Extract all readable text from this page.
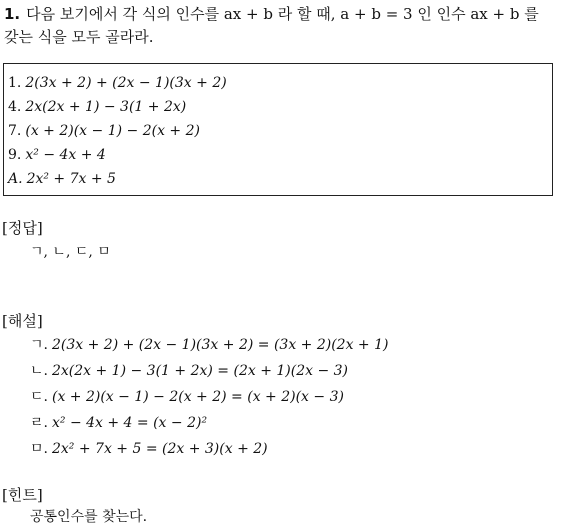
1. 다음 보기에서 각 식의 인수를 ax + b 라 할 때, a + b = 3 인 인수 ax + b 를
갖는 식을 모두 골라라.
1. 2(3x + 2) + (2x − 1)(3x + 2)
4. 2x(2x + 1) − 3(1 + 2x)
7. (x + 2)(x − 1) − 2(x + 2)
9. x² − 4x + 4
A. 2x² + 7x + 5
[정답]
ㄱ, ㄴ, ㄷ, ㅁ
[해설]
ㄱ. 2(3x + 2) + (2x − 1)(3x + 2) = (3x + 2)(2x + 1)
ㄴ. 2x(2x + 1) − 3(1 + 2x) = (2x + 1)(2x − 3)
ㄷ. (x + 2)(x − 1) − 2(x + 2) = (x + 2)(x − 3)
ㄹ. x² − 4x + 4 = (x − 2)²
ㅁ. 2x² + 7x + 5 = (2x + 3)(x + 2)
[힌트]
공통인수를 찾는다.
